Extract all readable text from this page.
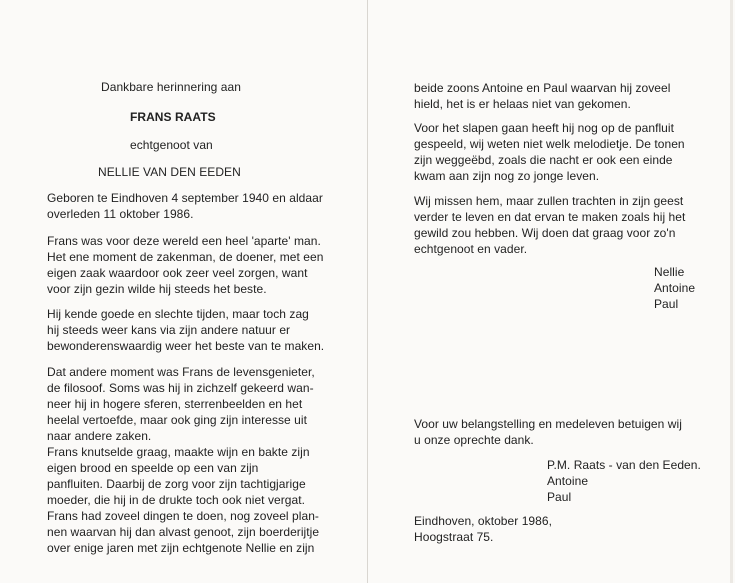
Dankbare herinnering aan
FRANS RAATS
echtgenoot van
NELLIE VAN DEN EEDEN
Geboren te Eindhoven 4 september 1940 en aldaar
overleden 11 oktober 1986.
Frans was voor deze wereld een heel 'aparte' man.
Het ene moment de zakenman, de doener, met een
eigen zaak waardoor ook zeer veel zorgen, want
voor zijn gezin wilde hij steeds het beste.
Hij kende goede en slechte tijden, maar toch zag
hij steeds weer kans via zijn andere natuur er
bewonderenswaardig weer het beste van te maken.
Dat andere moment was Frans de levensgenieter,
de filosoof. Soms was hij in zichzelf gekeerd wan-
neer hij in hogere sferen, sterrenbeelden en het
heelal vertoefde, maar ook ging zijn interesse uit
naar andere zaken.
Frans knutselde graag, maakte wijn en bakte zijn
eigen brood en speelde op een van zijn
panfluiten. Daarbij de zorg voor zijn tachtigjarige
moeder, die hij in de drukte toch ook niet vergat.
Frans had zoveel dingen te doen, nog zoveel plan-
nen waarvan hij dan alvast genoot, zijn boerderijtje
over enige jaren met zijn echtgenote Nellie en zijn
beide zoons Antoine en Paul waarvan hij zoveel
hield, het is er helaas niet van gekomen.
Voor het slapen gaan heeft hij nog op de panfluit
gespeeld, wij weten niet welk melodietje. De tonen
zijn weggeëbd, zoals die nacht er ook een einde
kwam aan zijn nog zo jonge leven.
Wij missen hem, maar zullen trachten in zijn geest
verder te leven en dat ervan te maken zoals hij het
gewild zou hebben. Wij doen dat graag voor zo'n
echtgenoot en vader.
Nellie
Antoine
Paul
Voor uw belangstelling en medeleven betuigen wij
u onze oprechte dank.
P.M. Raats - van den Eeden.
Antoine
Paul
Eindhoven, oktober 1986,
Hoogstraat 75.
